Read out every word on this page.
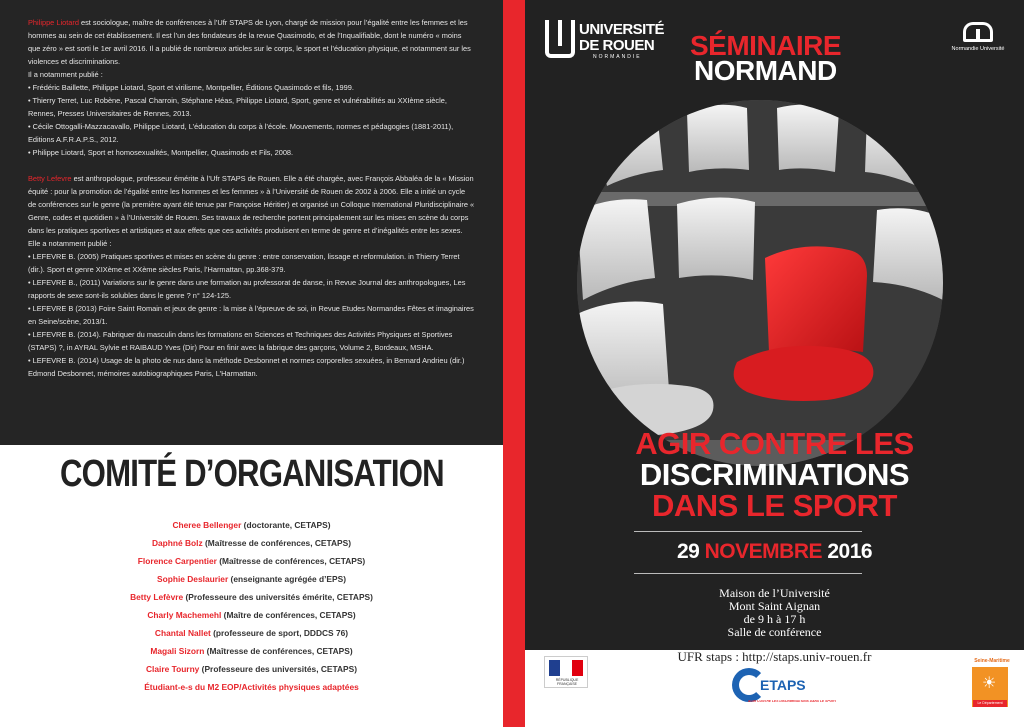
Philippe Liotard est sociologue, maître de conférences à l’Ufr STAPS de Lyon, chargé de mission pour l’égalité entre les femmes et les hommes au sein de cet établissement. Il est l’un des fondateurs de la revue Quasimodo, et de l’Inqualifiable, dont le numéro « moins que zéro » est sorti le 1er avril 2016. Il a publié de nombreux articles sur le corps, le sport et l’éducation physique, et notamment sur les violences et discriminations.

Il a notamment publié :

• Frédéric Baillette, Philippe Liotard, Sport et virilisme, Montpellier, Éditions Quasimodo et fils, 1999.

• Thierry Terret, Luc Robène, Pascal Charroin, Stéphane Héas, Philippe Liotard, Sport, genre et vulnérabilités au XXIème siècle, Rennes, Presses Universitaires de Rennes, 2013.

• Cécile Ottogalli-Mazzacavallo, Philippe Liotard, L’éducation du corps à l’école. Mouvements, normes et pédagogies (1881-2011), Editions A.F.R.A.P.S., 2012.

• Philippe Liotard, Sport et homosexualités, Montpellier, Quasimodo et Fils, 2008.

Betty Lefevre est anthropologue, professeur émérite à l’Ufr STAPS de Rouen. Elle a été chargée, avec François Abbaléa de la « Mission équité : pour la promotion de l’égalité entre les hommes et les femmes » à l’Université de Rouen de 2002 à 2006. Elle a initié un cycle de conférences sur le genre (la première ayant été tenue par Françoise Héritier) et organisé un Colloque International Pluridisciplinaire « Genre, codes et quotidien » à l’Université de Rouen. Ses travaux de recherche portent principalement sur les mises en scène du corps dans les pratiques sportives et artistiques et aux effets que ces activités produisent en terme de genre et d’inégalités entre les sexes.

Elle a notamment publié :

• LEFEVRE B. (2005) Pratiques sportives et mises en scène du genre : entre conservation, lissage et reformulation. in Thierry Terret (dir.). Sport et genre XIXème et XXème siècles Paris, l’Harmattan, pp.368-379.

• LEFEVRE B., (2011) Variations sur le genre dans une formation au professorat de danse, in Revue Journal des anthropologues, Les rapports de sexe sont-ils solubles dans le genre ? n° 124-125.

• LEFEVRE B (2013) Foire Saint Romain et jeux de genre : la mise à l’épreuve de soi, in Revue Etudes Normandes Fêtes et imaginaires en Seine/scène, 2013/1.

• LEFEVRE B. (2014). Fabriquer du masculin dans les formations en Sciences et Techniques des Activités Physiques et Sportives (STAPS) ?, in AYRAL Sylvie et RAIBAUD Yves (Dir) Pour en finir avec la fabrique des garçons, Volume 2, Bordeaux, MSHA.

• LEFEVRE B. (2014) Usage de la photo de nus dans la méthode Desbonnet et normes corporelles sexuées, in Bernard Andrieu (dir.) Edmond Desbonnet, mémoires autobiographiques Paris, L’Harmattan.

COMITÉ D’ORGANISATION
Cheree Bellenger (doctorante, CETAPS)
Daphné Bolz (Maîtresse de conférences, CETAPS)
Florence Carpentier (Maîtresse de conférences, CETAPS)
Sophie Deslaurier (enseignante agrégée d’EPS)
Betty Lefèvre (Professeure des universités émérite, CETAPS)
Charly Machemehl (Maître de conférences, CETAPS)
Chantal Nallet (professeure de sport, DDDCS 76)
Magali Sizorn (Maîtresse de conférences, CETAPS)
Claire Tourny (Professeure des universités, CETAPS)
Étudiant-e-s du M2 EOP/Activités physiques adaptées
UNIVERSITÉ
DE ROUEN
NORMANDIE SÉMINAIRE
NORMAND
Normandie Université
AGIR CONTRE LES
DISCRIMINATIONS
DANS LE SPORT
29 NOVEMBRE 2016
Maison de l’Université
Mont Saint Aignan
de 9 h à 17 h
Salle de conférence
UFR staps : http://staps.univ-rouen.fr
RÉPUBLIQUE FRANÇAISE	ETAPS
AGIR CONTRE LES DISCRIMINATIONS DANS LE SPORT
Seine-Maritime
☀
Le Département
